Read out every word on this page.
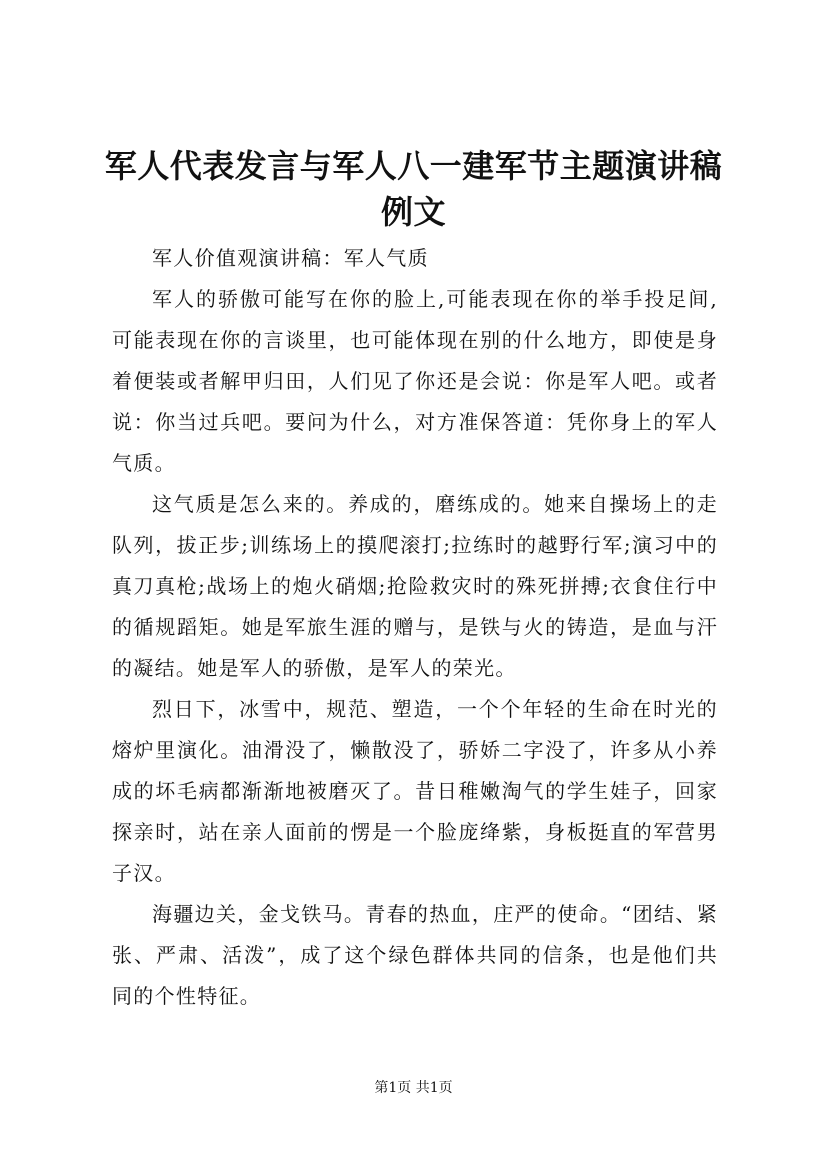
军人代表发言与军人八一建军节主题演讲稿例文

军人价值观演讲稿：军人气质

军人的骄傲可能写在你的脸上,可能表现在你的举手投足间,可能表现在你的言谈里，也可能体现在别的什么地方，即使是身着便装或者解甲归田，人们见了你还是会说：你是军人吧。或者说：你当过兵吧。要问为什么，对方准保答道：凭你身上的军人气质。

这气质是怎么来的。养成的，磨练成的。她来自操场上的走队列，拔正步;训练场上的摸爬滚打;拉练时的越野行军;演习中的真刀真枪;战场上的炮火硝烟;抢险救灾时的殊死拼搏;衣食住行中的循规蹈矩。她是军旅生涯的赠与，是铁与火的铸造，是血与汗的凝结。她是军人的骄傲，是军人的荣光。

烈日下，冰雪中，规范、塑造，一个个年轻的生命在时光的熔炉里演化。油滑没了，懒散没了，骄娇二字没了，许多从小养成的坏毛病都渐渐地被磨灭了。昔日稚嫩淘气的学生娃子，回家探亲时，站在亲人面前的愣是一个脸庞绛紫，身板挺直的军营男子汉。

海疆边关，金戈铁马。青春的热血，庄严的使命。“团结、紧张、严肃、活泼”，成了这个绿色群体共同的信条，也是他们共同的个性特征。

第1页 共1页
